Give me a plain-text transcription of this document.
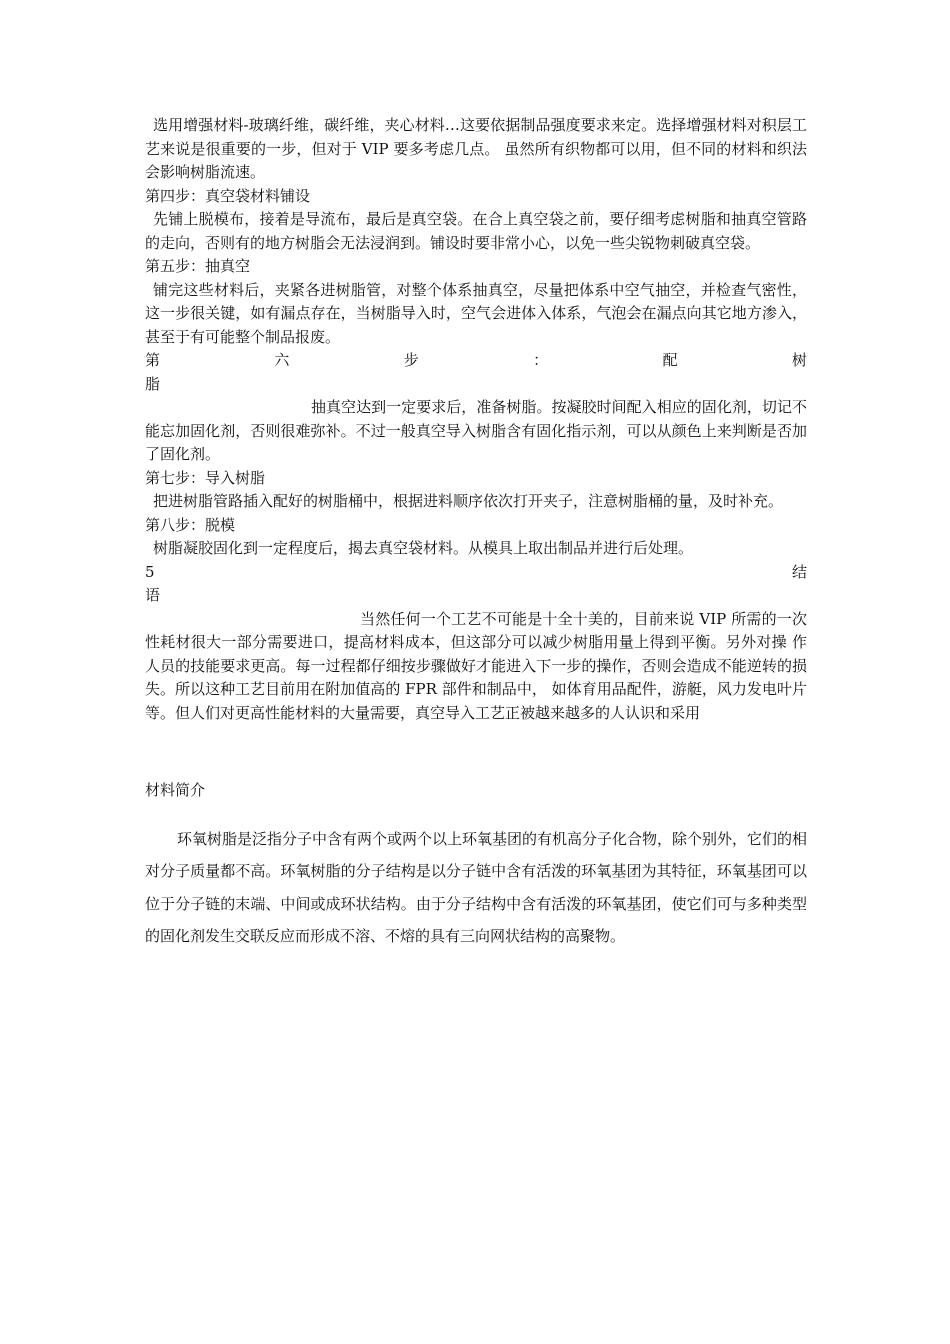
选用增强材料-玻璃纤维，碳纤维，夹心材料…这要依据制品强度要求来定。选择增强材料对积层工艺来说是很重要的一步，但对于 VIP 要多考虑几点。 虽然所有织物都可以用，但不同的材料和织法会影响树脂流速。

第四步：真空袋材料铺设

先铺上脱模布，接着是导流布，最后是真空袋。在合上真空袋之前，要仔细考虑树脂和抽真空管路的走向，否则有的地方树脂会无法浸润到。铺设时要非常小心，以免一些尖锐物刺破真空袋。

第五步：抽真空

铺完这些材料后，夹紧各进树脂管，对整个体系抽真空，尽量把体系中空气抽空，并检查气密性，这一步很关键，如有漏点存在，当树脂导入时，空气会进体入体系，气泡会在漏点向其它地方渗入，甚至于有可能整个制品报废。

第	六	步	：	配	树

脂

抽真空达到一定要求后，准备树脂。按凝胶时间配入相应的固化剂，切记不能忘加固化剂，否则很难弥补。不过一般真空导入树脂含有固化指示剂，可以从颜色上来判断是否加了固化剂。

第七步：导入树脂

把进树脂管路插入配好的树脂桶中，根据进料顺序依次打开夹子，注意树脂桶的量，及时补充。

第八步：脱模

树脂凝胶固化到一定程度后，揭去真空袋材料。从模具上取出制品并进行后处理。

5	结

语

当然任何一个工艺不可能是十全十美的，目前来说 VIP 所需的一次性耗材很大一部分需要进口，提高材料成本，但这部分可以减少树脂用量上得到平衡。另外对操 作人员的技能要求更高。每一过程都仔细按步骤做好才能进入下一步的操作，否则会造成不能逆转的损失。所以这种工艺目前用在附加值高的 FPR 部件和制品中， 如体育用品配件，游艇，风力发电叶片等。但人们对更高性能材料的大量需要，真空导入工艺正被越来越多的人认识和采用

材料简介

环氧树脂是泛指分子中含有两个或两个以上环氧基团的有机高分子化合物，除个别外，它们的相对分子质量都不高。环氧树脂的分子结构是以分子链中含有活泼的环氧基团为其特征，环氧基团可以位于分子链的末端、中间或成环状结构。由于分子结构中含有活泼的环氧基团，使它们可与多种类型的固化剂发生交联反应而形成不溶、不熔的具有三向网状结构的高聚物。
